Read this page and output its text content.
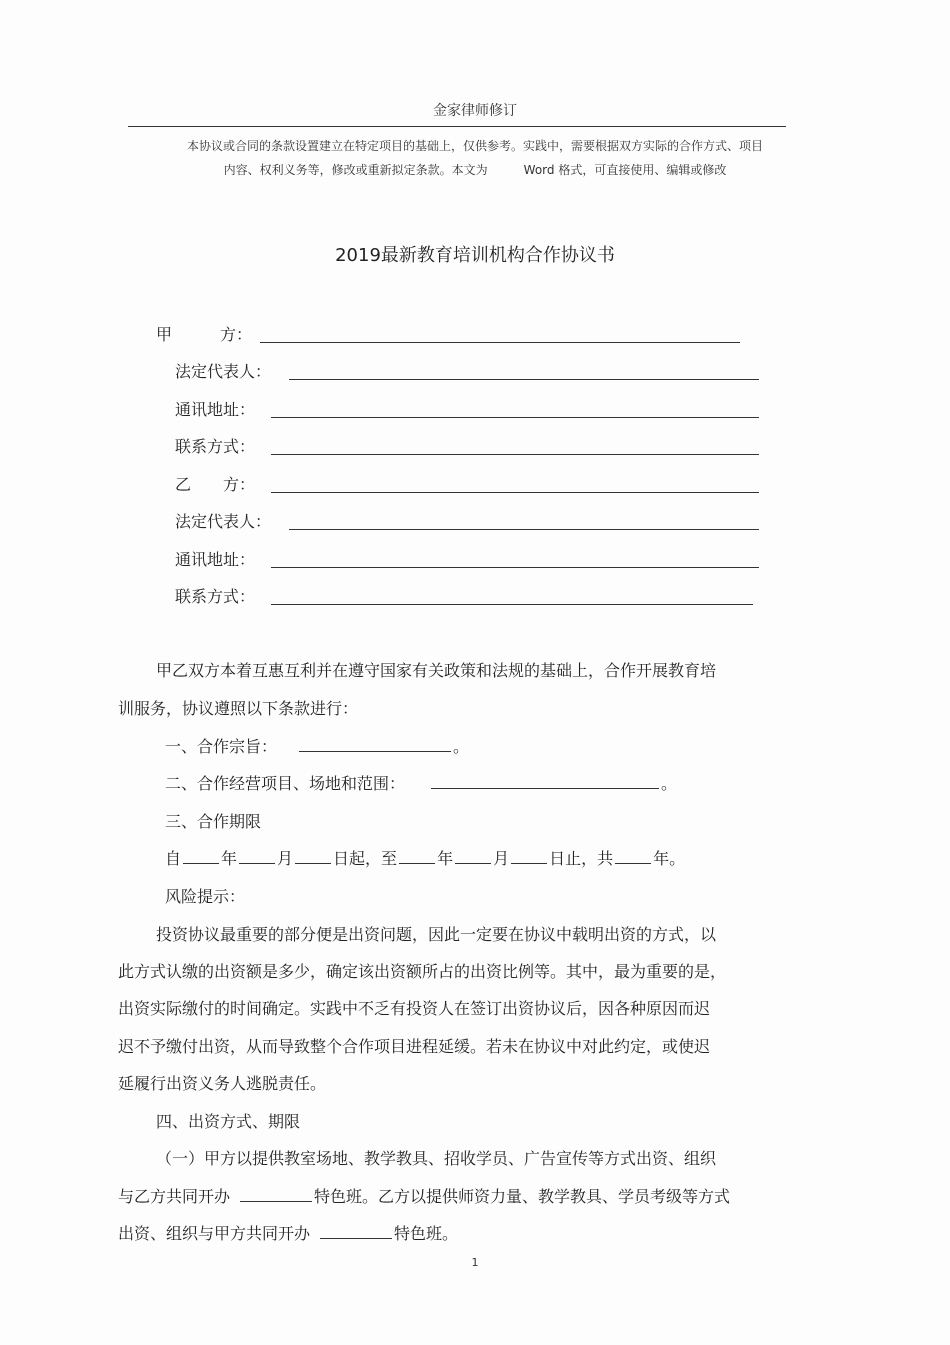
金家律师修订
本协议或合同的条款设置建立在特定项目的基础上，仅供参考。实践中，需要根据双方实际的合作方式、项目
内容、权利义务等，修改或重新拟定条款。本文为	Word 格式，可直接使用、编辑或修改
2019最新教育培训机构合作协议书
甲　　　方：
法定代表人：
通讯地址：
联系方式：
乙　　方：
法定代表人：
通讯地址：
联系方式：
甲乙双方本着互惠互利并在遵守国家有关政策和法规的基础上，合作开展教育培
训服务，协议遵照以下条款进行：
一、合作宗旨：	。
二、合作经营项目、场地和范围：	。
三、合作期限
自	年	月	日起，至	年	月	日止，共	年。
风险提示：
投资协议最重要的部分便是出资问题，因此一定要在协议中载明出资的方式，以
此方式认缴的出资额是多少，确定该出资额所占的出资比例等。其中，最为重要的是，
出资实际缴付的时间确定。实践中不乏有投资人在签订出资协议后，因各种原因而迟
迟不予缴付出资，从而导致整个合作项目进程延缓。若未在协议中对此约定，或使迟
延履行出资义务人逃脱责任。
四、出资方式、期限
（一）甲方以提供教室场地、教学教具、招收学员、广告宣传等方式出资、组织
与乙方共同开办	特色班。乙方以提供师资力量、教学教具、学员考级等方式
出资、组织与甲方共同开办	特色班。
1
